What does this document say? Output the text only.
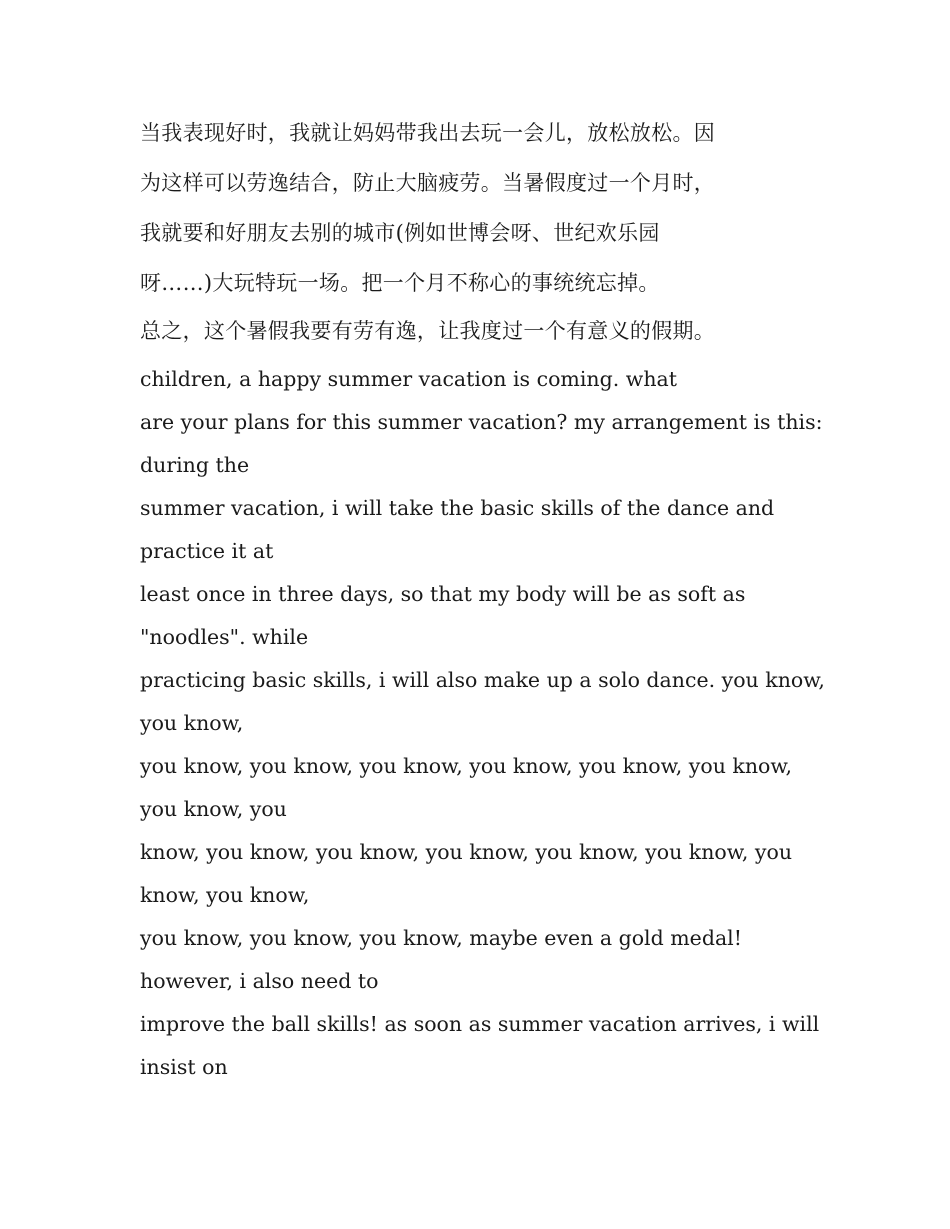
当我表现好时，我就让妈妈带我出去玩一会儿，放松放松。因

为这样可以劳逸结合，防止大脑疲劳。当暑假度过一个月时，

我就要和好朋友去别的城市(例如世博会呀、世纪欢乐园

呀……)大玩特玩一场。把一个月不称心的事统统忘掉。

总之，这个暑假我要有劳有逸，让我度过一个有意义的假期。

children, a happy summer vacation is coming. what

are your plans for this summer vacation? my arrangement is this:

during the

summer vacation, i will take the basic skills of the dance and

practice it at

least once in three days, so that my body will be as soft as

"noodles". while

practicing basic skills, i will also make up a solo dance. you know,

you know,

you know, you know, you know, you know, you know, you know,

you know, you

know, you know, you know, you know, you know, you know, you

know, you know,

you know, you know, you know, maybe even a gold medal!

however, i also need to

improve the ball skills! as soon as summer vacation arrives, i will

insist on
